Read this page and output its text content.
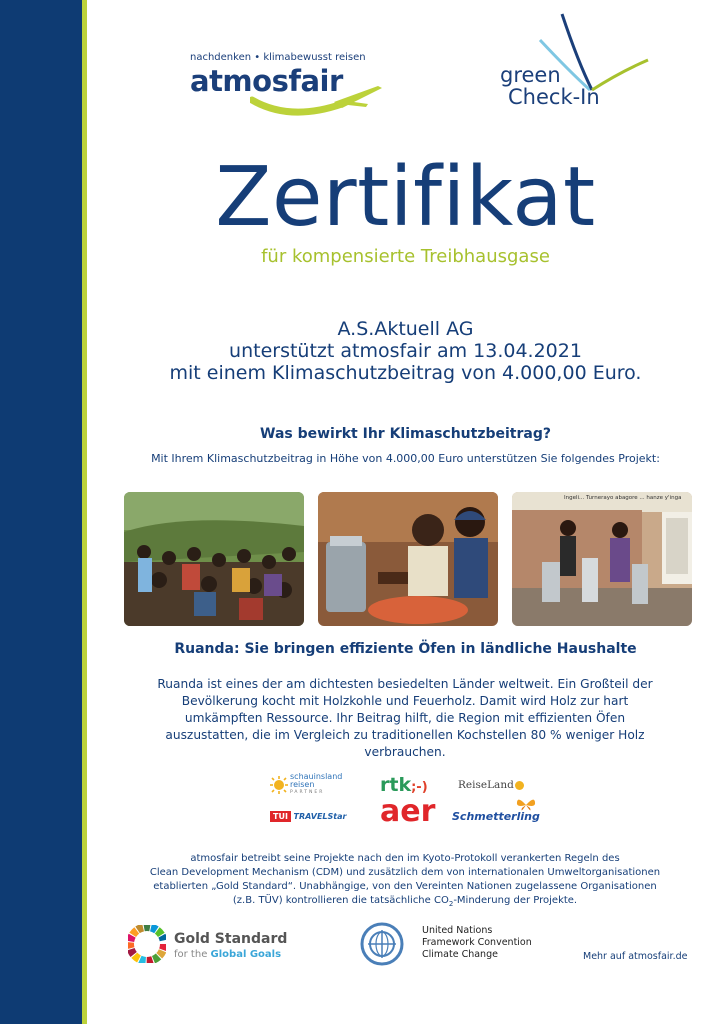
nachdenken • klimabewusst reisen
atmosfair	green
Check-In
Zertifikat
für kompensierte Treibhausgase
A.S.Aktuell AG
unterstützt atmosfair am 13.04.2021
mit einem Klimaschutzbeitrag von 4.000,00 Euro.
Was bewirkt Ihr Klimaschutzbeitrag?
Mit Ihrem Klimaschutzbeitrag in Höhe von 4.000,00 Euro unterstützen Sie folgendes Projekt:
Ingeli... Turnerayo abagore ... hanze y'inga
Ruanda: Sie bringen effiziente Öfen in ländliche Haushalte
Ruanda ist eines der am dichtesten besiedelten Länder weltweit. Ein Großteil der Bevölkerung kocht mit Holzkohle und Feuerholz. Damit wird Holz zur hart umkämpften Ressource. Ihr Beitrag hilft, die Region mit effizienten Öfen auszustatten, die im Vergleich zu traditionellen Kochstellen 80 % weniger Holz verbrauchen.
schauinsland
reisen
PARTNER	rtk;-)	ReiseLand
TUI TRAVELStar aer Schmetterling
atmosfair betreibt seine Projekte nach den im Kyoto-Protokoll verankerten Regeln des
Clean Development Mechanism (CDM) und zusätzlich dem von internationalen Umweltorganisationen
etablierten „Gold Standard“. Unabhängige, von den Vereinten Nationen zugelassene Organisationen
(z.B. TÜV) kontrollieren die tatsächliche $CO_2$-Minderung der Projekte.
Gold Standard
for the Global Goals
United Nations
Framework Convention
Climate Change	Mehr auf atmosfair.de
